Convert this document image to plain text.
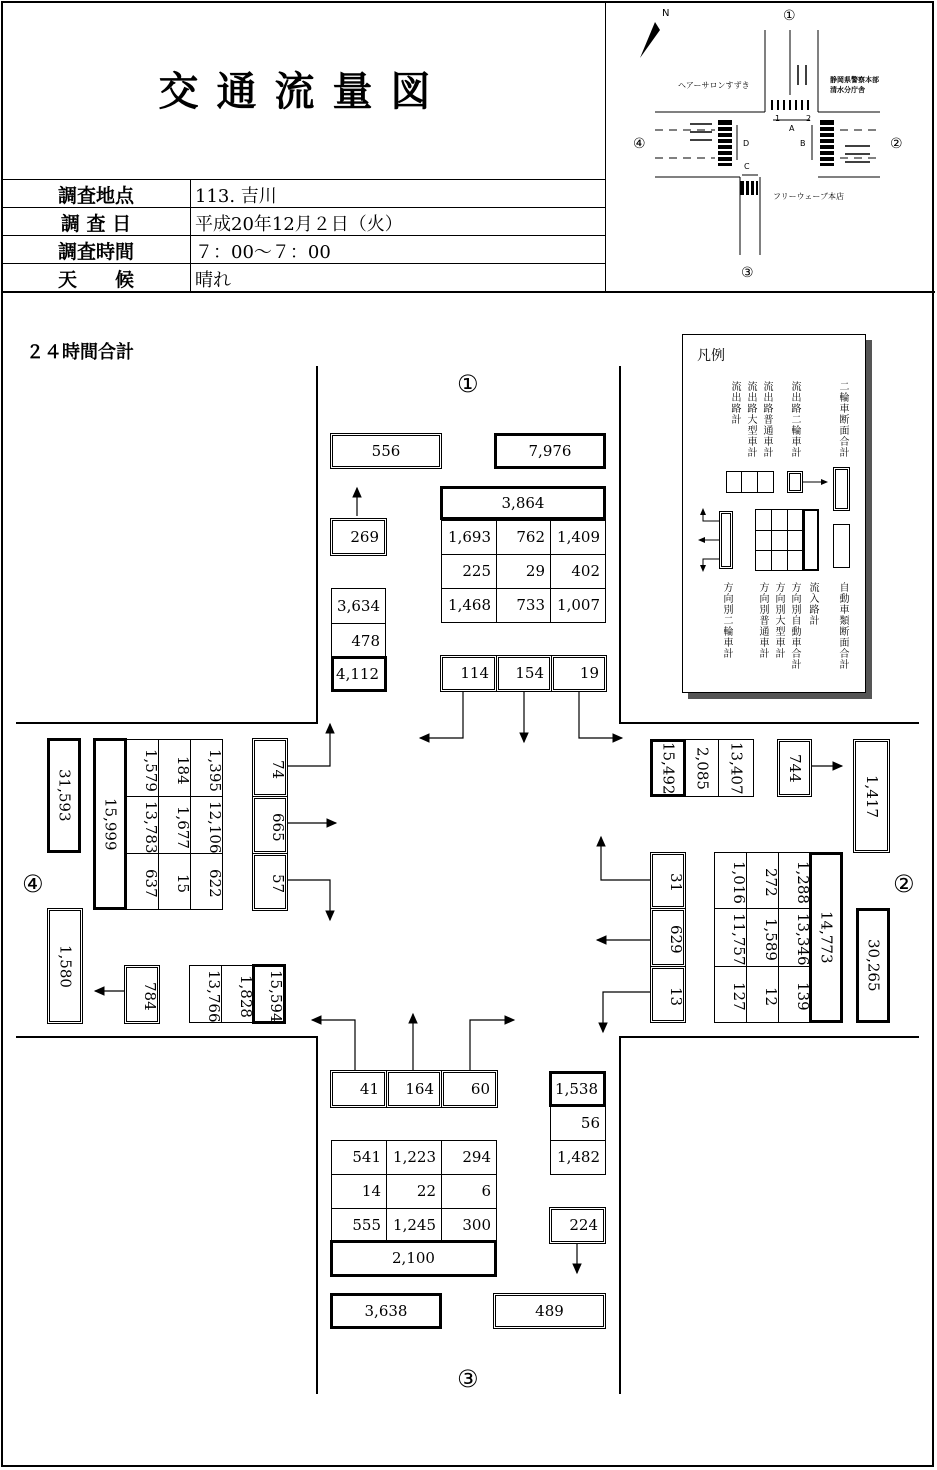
交通流量図
調査地点	113. 吉川
調 査 日	平成20年12月２日（火）
調査時間	７：00～７：00
天　　候	晴れ
N	①
②
③
④
ヘアーサロンすずき
静岡県警察本部
清水分庁舎
フリーウェーブ本店
A
B
C
D
1	2
２４時間合計
①
②
③
④
556	7,976
3,864
269
3,634
478
4,112
1,693	762 1,409
225	29	402
1,468	733 1,007
114	154	19
15,492	2,085	13,407	744
1,417
31
629
13
1,016 272 1,288
11,757 1,589 13,346
127 12 139
14,773
30,265
41	164	60	1,538
56
1,482
541 1,223	294
14	22	6
555 1,245	300	224
2,100
3,638	489
31,593
15,999
1,579 184 1,395
13,783 1,677 12,106
637 15 622
74
665
57
1,580
784	13,766 1,828 15,594
凡例
流出路計 流出路大型車計 流出路普通車計 流出路二輪車計	二輪車断面合計
方向別二輪車計	方向別普通車計 方向別大型車計 方向別自動車合計 流入路計 自動車類断面合計
